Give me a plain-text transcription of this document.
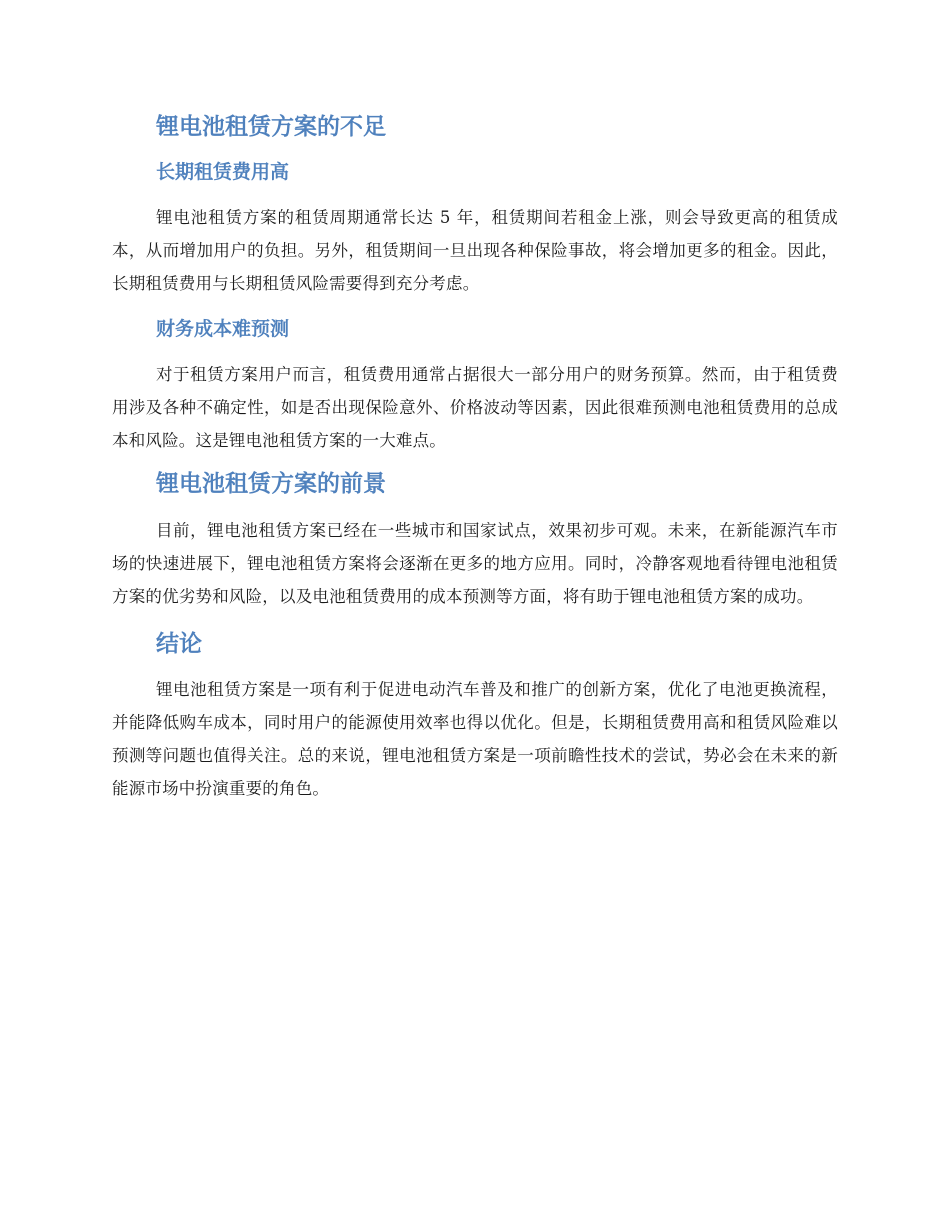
锂电池租赁方案的不足
长期租赁费用高

锂电池租赁方案的租赁周期通常长达 5 年，租赁期间若租金上涨，则会导致更高的租赁成本，从而增加用户的负担。另外，租赁期间一旦出现各种保险事故，将会增加更多的租金。因此，长期租赁费用与长期租赁风险需要得到充分考虑。

财务成本难预测

对于租赁方案用户而言，租赁费用通常占据很大一部分用户的财务预算。然而，由于租赁费用涉及各种不确定性，如是否出现保险意外、价格波动等因素，因此很难预测电池租赁费用的总成本和风险。这是锂电池租赁方案的一大难点。

锂电池租赁方案的前景

目前，锂电池租赁方案已经在一些城市和国家试点，效果初步可观。未来，在新能源汽车市场的快速进展下，锂电池租赁方案将会逐渐在更多的地方应用。同时，冷静客观地看待锂电池租赁方案的优劣势和风险，以及电池租赁费用的成本预测等方面，将有助于锂电池租赁方案的成功。

结论

锂电池租赁方案是一项有利于促进电动汽车普及和推广的创新方案，优化了电池更换流程，并能降低购车成本，同时用户的能源使用效率也得以优化。但是，长期租赁费用高和租赁风险难以预测等问题也值得关注。总的来说，锂电池租赁方案是一项前瞻性技术的尝试，势必会在未来的新能源市场中扮演重要的角色。
